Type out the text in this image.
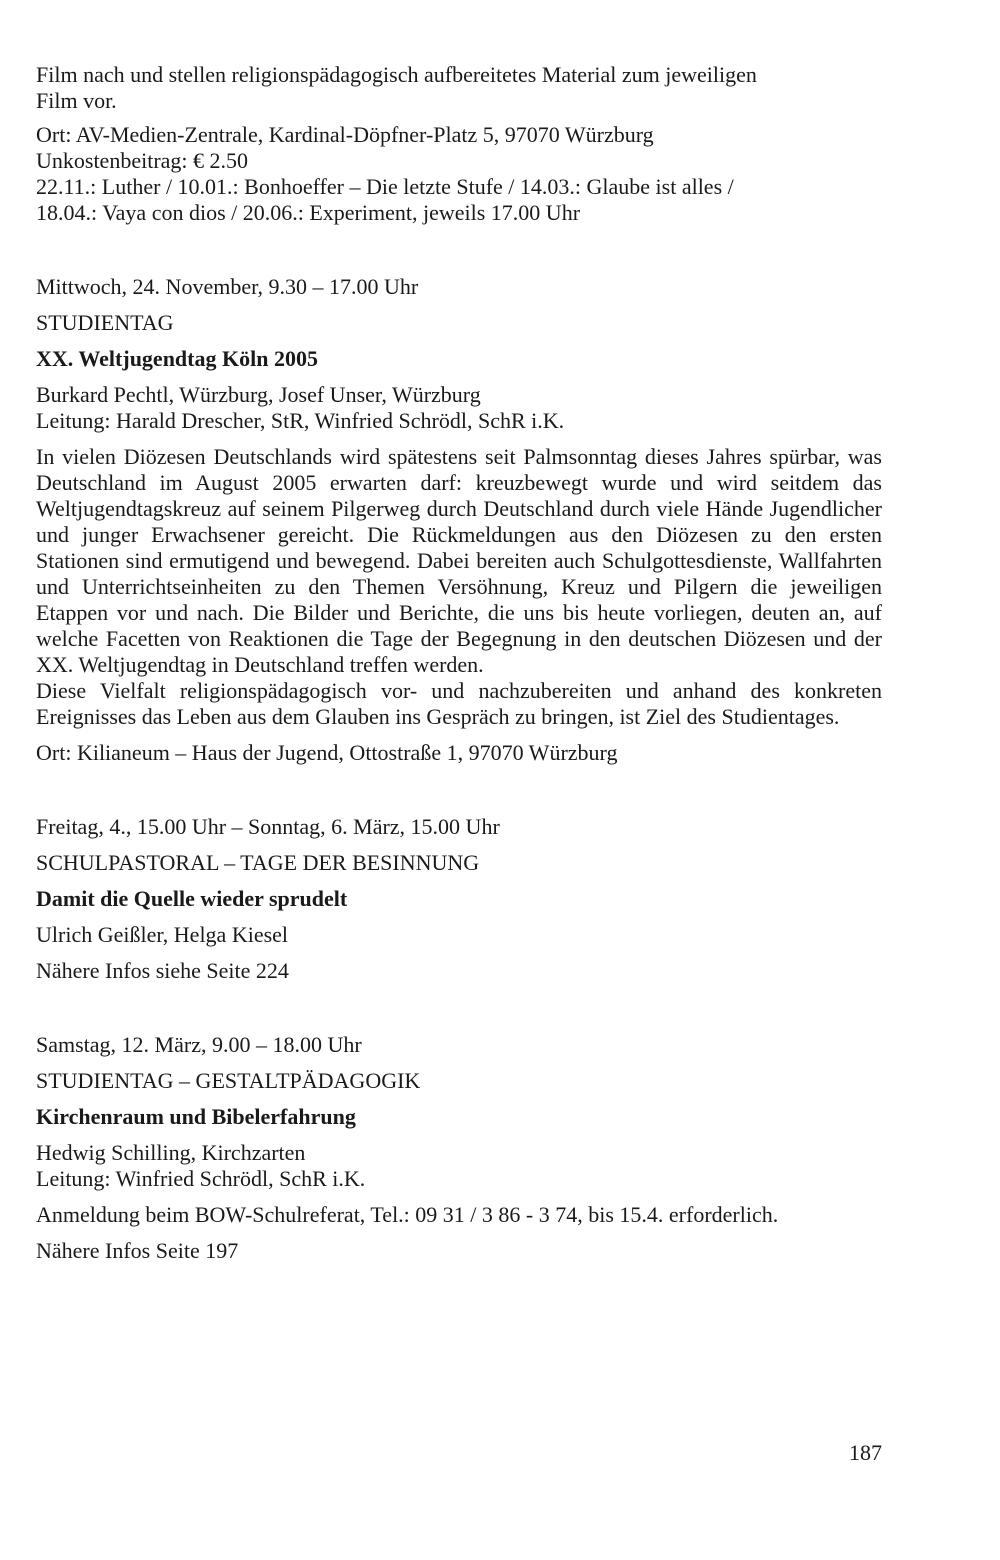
Film nach und stellen religionspädagogisch aufbereitetes Material zum jeweiligen

Film vor.

Ort: AV-Medien-Zentrale, Kardinal-Döpfner-Platz 5, 97070 Würzburg

Unkostenbeitrag: € 2.50

22.11.: Luther / 10.01.: Bonhoeffer – Die letzte Stufe / 14.03.: Glaube ist alles /

18.04.: Vaya con dios / 20.06.: Experiment, jeweils 17.00 Uhr

Mittwoch, 24. November, 9.30 – 17.00 Uhr

STUDIENTAG

XX. Weltjugendtag Köln 2005

Burkard Pechtl, Würzburg, Josef Unser, Würzburg

Leitung: Harald Drescher, StR, Winfried Schrödl, SchR i.K.

In vielen Diözesen Deutschlands wird spätestens seit Palmsonntag dieses Jahres spürbar, was Deutschland im August 2005 erwarten darf: kreuzbewegt wurde und wird seitdem das Weltjugendtagskreuz auf seinem Pilgerweg durch Deutschland durch viele Hände Jugendlicher und junger Erwachsener gereicht. Die Rückmeldungen aus den Diözesen zu den ersten Stationen sind ermutigend und bewegend. Dabei bereiten auch Schulgottesdienste, Wallfahrten und Unterrichtseinheiten zu den Themen Versöhnung, Kreuz und Pilgern die jeweiligen Etappen vor und nach. Die Bilder und Berichte, die uns bis heute vorliegen, deuten an, auf welche Facetten von Reaktionen die Tage der Begegnung in den deutschen Diözesen und der XX. Weltjugendtag in Deutschland treffen werden.

Diese Vielfalt religionspädagogisch vor- und nachzubereiten und anhand des konkreten Ereignisses das Leben aus dem Glauben ins Gespräch zu bringen, ist Ziel des Studientages.

Ort: Kilianeum – Haus der Jugend, Ottostraße 1, 97070 Würzburg

Freitag, 4., 15.00 Uhr – Sonntag, 6. März, 15.00 Uhr

SCHULPASTORAL – TAGE DER BESINNUNG

Damit die Quelle wieder sprudelt

Ulrich Geißler, Helga Kiesel

Nähere Infos siehe Seite 224

Samstag, 12. März, 9.00 – 18.00 Uhr

STUDIENTAG – GESTALTPÄDAGOGIK

Kirchenraum und Bibelerfahrung

Hedwig Schilling, Kirchzarten

Leitung: Winfried Schrödl, SchR i.K.

Anmeldung beim BOW-Schulreferat, Tel.: 09 31 / 3 86 - 3 74, bis 15.4. erforderlich.

Nähere Infos Seite 197

187
